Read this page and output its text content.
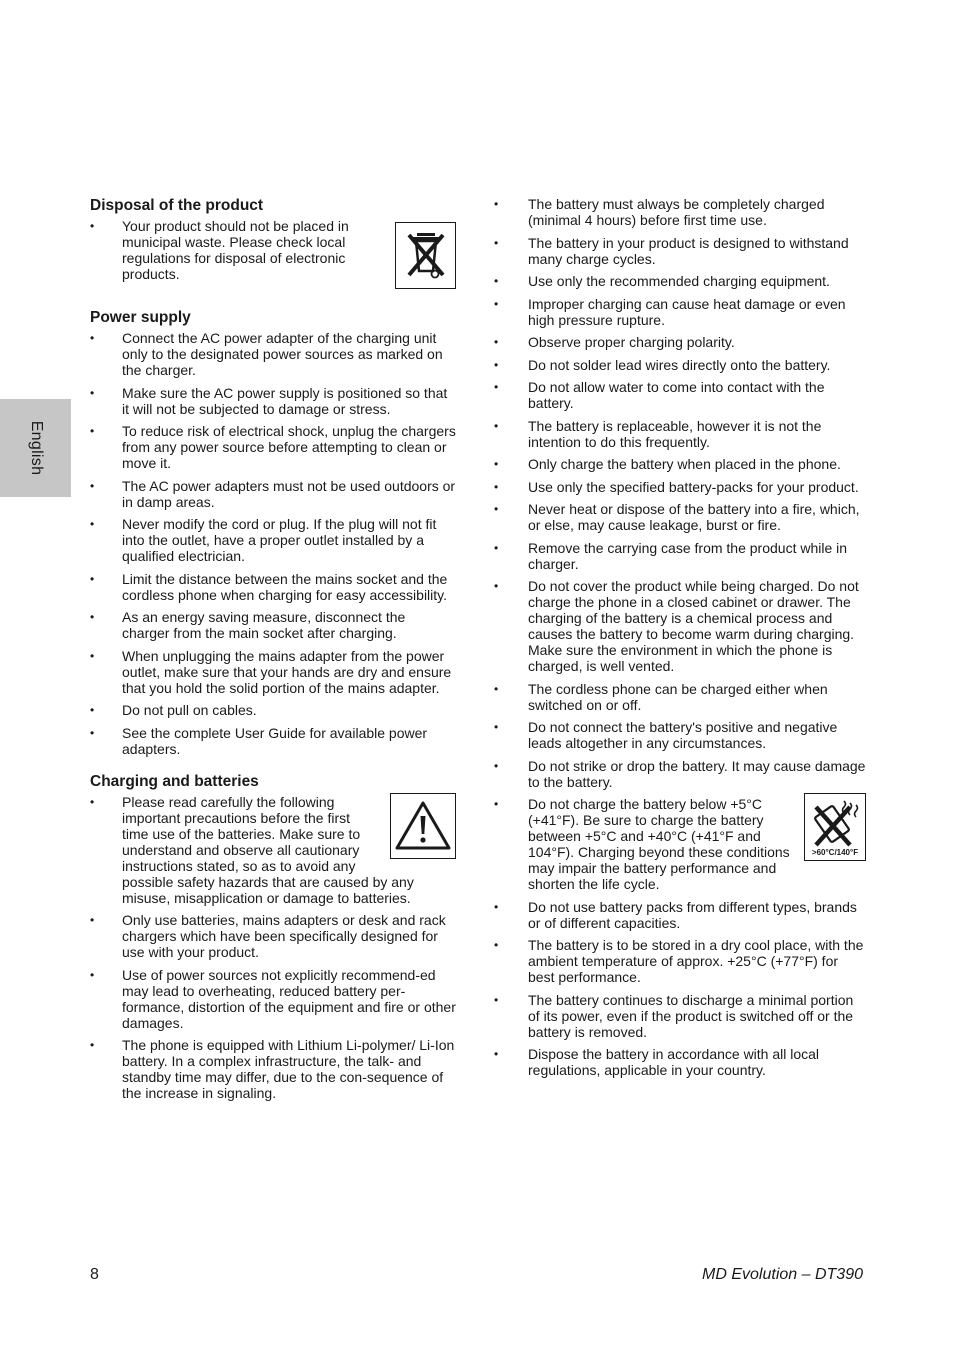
English
Disposal of the product
•	Your product should not be placed in municipal waste. Please check local regulations for disposal of electronic products.
Power supply
•	Connect the AC power adapter of the charging unit only to the designated power sources as marked on the charger.
•	Make sure the AC power supply is positioned so that it will not be subjected to damage or stress.
•	To reduce risk of electrical shock, unplug the chargers from any power source before attempting to clean or move it.
•	The AC power adapters must not be used outdoors or in damp areas.
•	Never modify the cord or plug. If the plug will not fit into the outlet, have a proper outlet installed by a qualified electrician.
•	Limit the distance between the mains socket and the cordless phone when charging for easy accessibility.
•	As an energy saving measure, disconnect the charger from the main socket after charging.
•	When unplugging the mains adapter from the power outlet, make sure that your hands are dry and ensure that you hold the solid portion of the mains adapter.
•	Do not pull on cables.
•	See the complete User Guide for available power adapters.
Charging and batteries
•	Please read carefully the following important precautions before the first time use of the batteries. Make sure to understand and observe all cautionary instructions stated, so as to avoid any possible safety hazards that are caused by any misuse, misapplication or damage to batteries.
•	Only use batteries, mains adapters or desk and rack chargers which have been specifically designed for use with your product.
•	Use of power sources not explicitly recommend-ed may lead to overheating, reduced battery per-formance, distortion of the equipment and fire or other damages.
•	The phone is equipped with Lithium Li-polymer/ Li-Ion battery. In a complex infrastructure, the talk- and standby time may differ, due to the con-sequence of the increase in signaling.
•	The battery must always be completely charged (minimal 4 hours) before first time use.
•	The battery in your product is designed to withstand many charge cycles.
•	Use only the recommended charging equipment.
•	Improper charging can cause heat damage or even high pressure rupture.
•	Observe proper charging polarity.
•	Do not solder lead wires directly onto the battery.
•	Do not allow water to come into contact with the battery.
•	The battery is replaceable, however it is not the intention to do this frequently.
•	Only charge the battery when placed in the phone.
•	Use only the specified battery-packs for your product.
•	Never heat or dispose of the battery into a fire, which, or else, may cause leakage, burst or fire.
•	Remove the carrying case from the product while in charger.
•	Do not cover the product while being charged. Do not charge the phone in a closed cabinet or drawer. The charging of the battery is a chemical process and causes the battery to become warm during charging. Make sure the environment in which the phone is charged, is well vented.
•	The cordless phone can be charged either when switched on or off.
•	Do not connect the battery's positive and negative leads altogether in any circumstances.
•	Do not strike or drop the battery. It may cause damage to the battery.
•
>60°C/140°F
Do not charge the battery below +5°C (+41°F). Be sure to charge the battery between +5°C and +40°C (+41°F and 104°F). Charging beyond these conditions may impair the battery performance and shorten the life cycle.
•	Do not use battery packs from different types, brands or of different capacities.
•	The battery is to be stored in a dry cool place, with the ambient temperature of approx. +25°C (+77°F) for best performance.
•	The battery continues to discharge a minimal portion of its power, even if the product is switched off or the battery is removed.
•	Dispose the battery in accordance with all local regulations, applicable in your country.
8	MD Evolution – DT390
